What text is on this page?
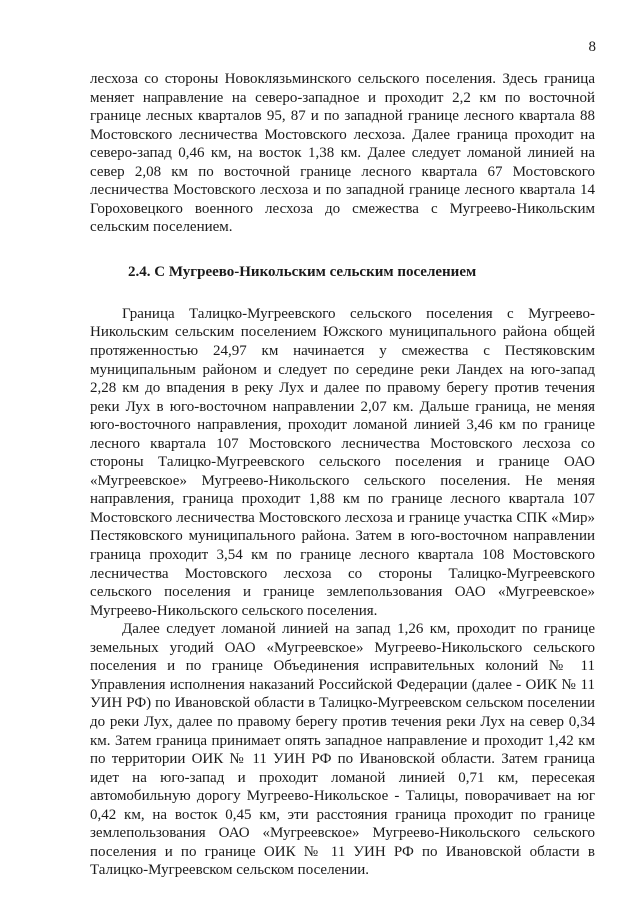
8

лесхоза со стороны Новоклязьминского сельского поселения. Здесь граница меняет направление на северо-западное и проходит 2,2 км по восточной границе лесных кварталов 95, 87 и по западной границе лесного квартала 88 Мостовского лесничества Мостовского лесхоза. Далее граница проходит на северо-запад 0,46 км, на восток 1,38 км. Далее следует ломаной линией на север 2,08 км по восточной границе лесного квартала 67 Мостовского лесничества Мостовского лесхоза и по западной границе лесного квартала 14 Гороховецкого военного лесхоза до смежества с Мугреево-Никольским сельским поселением.

2.4. С Мугреево-Никольским сельским поселением

Граница Талицко-Мугреевского сельского поселения с Мугреево-Никольским сельским поселением Южского муниципального района общей протяженностью 24,97 км начинается у смежества с Пестяковским муниципальным районом и следует по середине реки Ландех на юго-запад 2,28 км до впадения в реку Лух и далее по правому берегу против течения реки Лух в юго-восточном направлении 2,07 км. Дальше граница, не меняя юго-восточного направления, проходит ломаной линией 3,46 км по границе лесного квартала 107 Мостовского лесничества Мостовского лесхоза со стороны Талицко-Мугреевского сельского поселения и границе ОАО «Мугреевское» Мугреево-Никольского сельского поселения. Не меняя направления, граница проходит 1,88 км по границе лесного квартала 107 Мостовского лесничества Мостовского лесхоза и границе участка СПК «Мир» Пестяковского муниципального района. Затем в юго-восточном направлении граница проходит 3,54 км по границе лесного квартала 108 Мостовского лесничества Мостовского лесхоза со стороны Талицко-Мугреевского сельского поселения и границе землепользования ОАО «Мугреевское» Мугреево-Никольского сельского поселения.

Далее следует ломаной линией на запад 1,26 км, проходит по границе земельных угодий ОАО «Мугреевское» Мугреево-Никольского сельского поселения и по границе Объединения исправительных колоний № 11 Управления исполнения наказаний Российской Федерации (далее - ОИК № 11 УИН РФ) по Ивановской области в Талицко-Мугреевском сельском поселении до реки Лух, далее по правому берегу против течения реки Лух на север 0,34 км. Затем граница принимает опять западное направление и проходит 1,42 км по территории ОИК № 11 УИН РФ по Ивановской области. Затем граница идет на юго-запад и проходит ломаной линией 0,71 км, пересекая автомобильную дорогу Мугреево-Никольское - Талицы, поворачивает на юг 0,42 км, на восток 0,45 км, эти расстояния граница проходит по границе землепользования ОАО «Мугреевское» Мугреево-Никольского сельского поселения и по границе ОИК № 11 УИН РФ по Ивановской области в Талицко-Мугреевском сельском поселении.
